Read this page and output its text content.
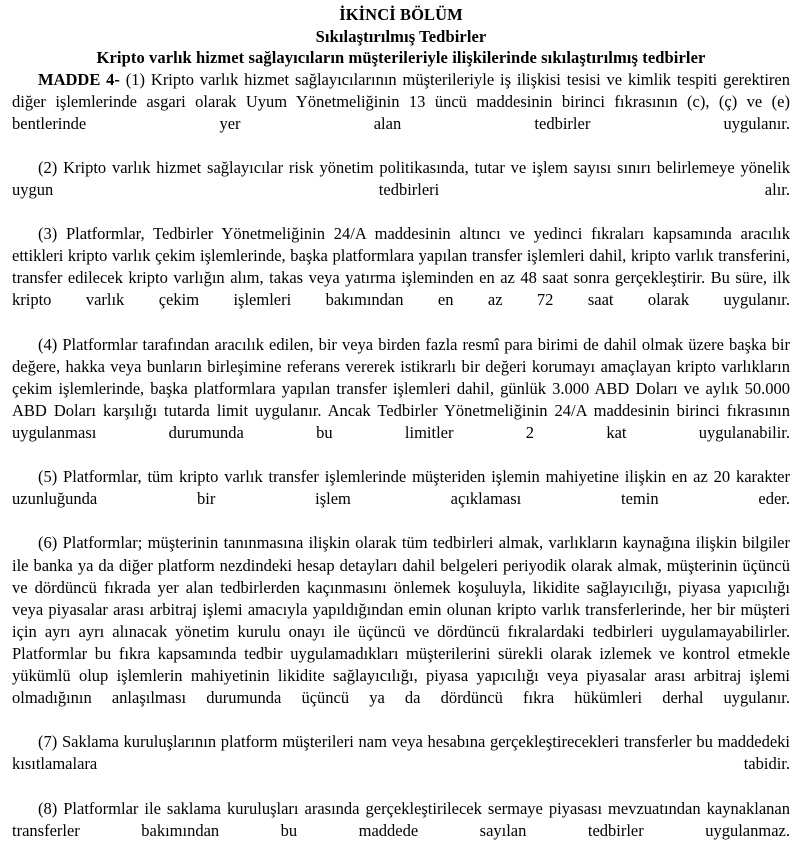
İKİNCİ BÖLÜM
Sıkılaştırılmış Tedbirler
Kripto varlık hizmet sağlayıcıların müşterileriyle ilişkilerinde sıkılaştırılmış tedbirler

MADDE 4- (1) Kripto varlık hizmet sağlayıcılarının müşterileriyle iş ilişkisi tesisi ve kimlik tespiti gerektiren diğer işlemlerinde asgari olarak Uyum Yönetmeliğinin 13 üncü maddesinin birinci fıkrasının (c), (ç) ve (e) bentlerinde yer alan tedbirler uygulanır.

(2) Kripto varlık hizmet sağlayıcılar risk yönetim politikasında, tutar ve işlem sayısı sınırı belirlemeye yönelik uygun tedbirleri alır.

(3) Platformlar, Tedbirler Yönetmeliğinin 24/A maddesinin altıncı ve yedinci fıkraları kapsamında aracılık ettikleri kripto varlık çekim işlemlerinde, başka platformlara yapılan transfer işlemleri dahil, kripto varlık transferini, transfer edilecek kripto varlığın alım, takas veya yatırma işleminden en az 48 saat sonra gerçekleştirir. Bu süre, ilk kripto varlık çekim işlemleri bakımından en az 72 saat olarak uygulanır.

(4) Platformlar tarafından aracılık edilen, bir veya birden fazla resmî para birimi de dahil olmak üzere başka bir değere, hakka veya bunların birleşimine referans vererek istikrarlı bir değeri korumayı amaçlayan kripto varlıkların çekim işlemlerinde, başka platformlara yapılan transfer işlemleri dahil, günlük 3.000 ABD Doları ve aylık 50.000 ABD Doları karşılığı tutarda limit uygulanır. Ancak Tedbirler Yönetmeliğinin 24/A maddesinin birinci fıkrasının uygulanması durumunda bu limitler 2 kat uygulanabilir.

(5) Platformlar, tüm kripto varlık transfer işlemlerinde müşteriden işlemin mahiyetine ilişkin en az 20 karakter uzunluğunda bir işlem açıklaması temin eder.

(6) Platformlar; müşterinin tanınmasına ilişkin olarak tüm tedbirleri almak, varlıkların kaynağına ilişkin bilgiler ile banka ya da diğer platform nezdindeki hesap detayları dahil belgeleri periyodik olarak almak, müşterinin üçüncü ve dördüncü fıkrada yer alan tedbirlerden kaçınmasını önlemek koşuluyla, likidite sağlayıcılığı, piyasa yapıcılığı veya piyasalar arası arbitraj işlemi amacıyla yapıldığından emin olunan kripto varlık transferlerinde, her bir müşteri için ayrı ayrı alınacak yönetim kurulu onayı ile üçüncü ve dördüncü fıkralardaki tedbirleri uygulamayabilirler. Platformlar bu fıkra kapsamında tedbir uygulamadıkları müşterilerini sürekli olarak izlemek ve kontrol etmekle yükümlü olup işlemlerin mahiyetinin likidite sağlayıcılığı, piyasa yapıcılığı veya piyasalar arası arbitraj işlemi olmadığının anlaşılması durumunda üçüncü ya da dördüncü fıkra hükümleri derhal uygulanır.

(7) Saklama kuruluşlarının platform müşterileri nam veya hesabına gerçekleştirecekleri transferler bu maddedeki kısıtlamalara tabidir.

(8) Platformlar ile saklama kuruluşları arasında gerçekleştirilecek sermaye piyasası mevzuatından kaynaklanan transferler bakımından bu maddede sayılan tedbirler uygulanmaz.
